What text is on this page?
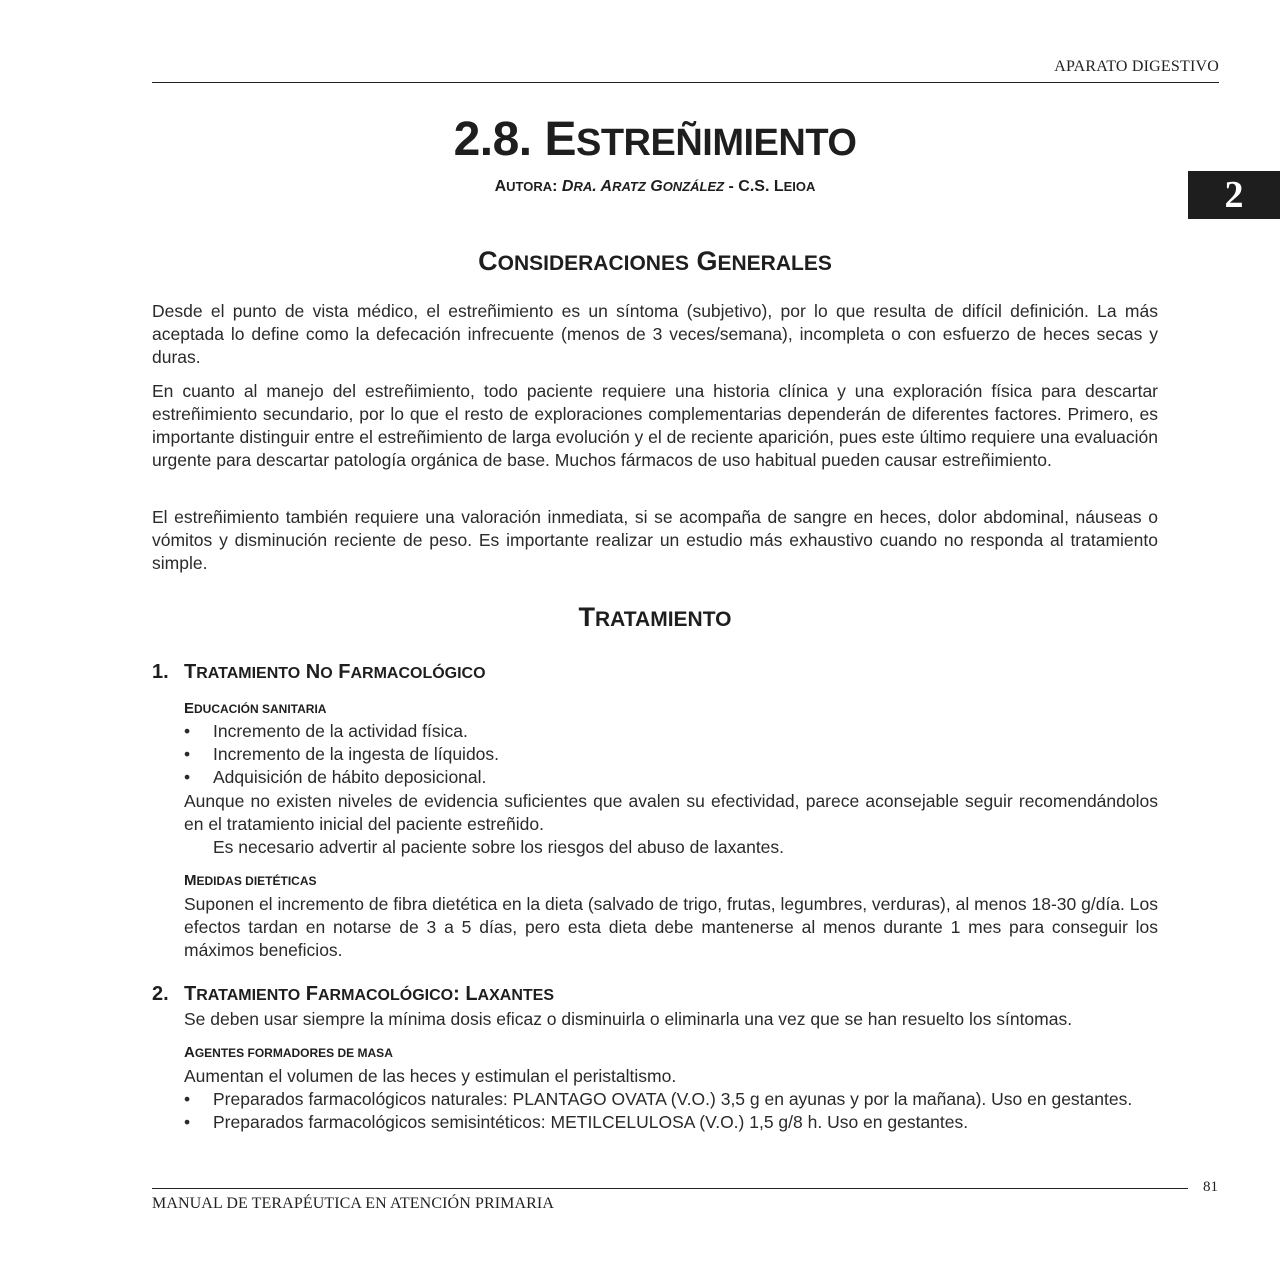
APARATO DIGESTIVO
2
2.8. ESTREÑIMIENTO
AUTORA: DRA. ARATZ GONZÁLEZ - C.S. LEIOA
CONSIDERACIONES GENERALES

Desde el punto de vista médico, el estreñimiento es un síntoma (subjetivo), por lo que resulta de difícil definición. La más aceptada lo define como la defecación infrecuente (menos de 3 veces/semana), incompleta o con esfuerzo de heces secas y duras.

En cuanto al manejo del estreñimiento, todo paciente requiere una historia clínica y una exploración física para descartar estreñimiento secundario, por lo que el resto de exploraciones complementarias dependerán de diferentes factores. Primero, es importante distinguir entre el estreñimiento de larga evolución y el de reciente aparición, pues este último requiere una evaluación urgente para descartar patología orgánica de base. Muchos fármacos de uso habitual pueden causar estreñimiento.

El estreñimiento también requiere una valoración inmediata, si se acompaña de sangre en heces, dolor abdominal, náuseas o vómitos y disminución reciente de peso. Es importante realizar un estudio más exhaustivo cuando no responda al tratamiento simple.

TRATAMIENTO
1. TRATAMIENTO NO FARMACOLÓGICO
EDUCACIÓN SANITARIA
• Incremento de la actividad física.
• Incremento de la ingesta de líquidos.
• Adquisición de hábito deposicional.

Aunque no existen niveles de evidencia suficientes que avalen su efectividad, parece aconsejable seguir recomendándolos en el tratamiento inicial del paciente estreñido.

Es necesario advertir al paciente sobre los riesgos del abuso de laxantes.

MEDIDAS DIETÉTICAS

Suponen el incremento de fibra dietética en la dieta (salvado de trigo, frutas, legumbres, verduras), al menos 18-30 g/día. Los efectos tardan en notarse de 3 a 5 días, pero esta dieta debe mantenerse al menos durante 1 mes para conseguir los máximos beneficios.

2. TRATAMIENTO FARMACOLÓGICO: LAXANTES

Se deben usar siempre la mínima dosis eficaz o disminuirla o eliminarla una vez que se han resuelto los síntomas.

AGENTES FORMADORES DE MASA

Aumentan el volumen de las heces y estimulan el peristaltismo.

• Preparados farmacológicos naturales: PLANTAGO OVATA (V.O.) 3,5 g en ayunas y por la mañana). Uso en gestantes.
• Preparados farmacológicos semisintéticos: METILCELULOSA (V.O.) 1,5 g/8 h. Uso en gestantes.
81
MANUAL DE TERAPÉUTICA EN ATENCIÓN PRIMARIA
